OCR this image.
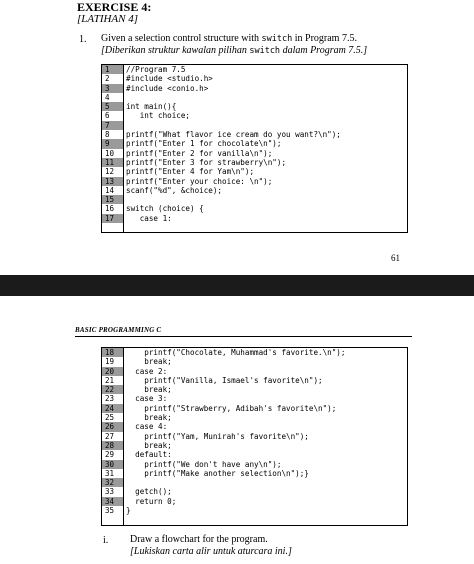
EXERCISE 4:
[LATIHAN 4]
1. Given a selection control structure with switch in Program 7.5.
[Diberikan struktur kawalan pilihan switch dalam Program 7.5.]
1
2
3
4
5
6
7
8
9
10
11
12
13
14
15
16
17
//Program 7.5
#include <studio.h>
#include <conio.h>
int main(){
int choice;
printf("What flavor ice cream do you want?\n");
printf("Enter 1 for chocolate\n");
printf("Enter 2 for vanilla\n");
printf("Enter 3 for strawberry\n");
printf("Enter 4 for Yam\n");
printf("Enter your choice: \n");
scanf("%d", &choice);
switch (choice) {
case 1:
61
BASIC PROGRAMMING C
18
19
20
21
22
23
24
25
26
27
28
29
30
31
32
33
34
35
printf("Chocolate, Muhammad's favorite.\n");
break;
case 2:
printf("Vanilla, Ismael's favorite\n");
break;
case 3:
printf("Strawberry, Adibah's favorite\n");
break;
case 4:
printf("Yam, Munirah's favorite\n");
break;
default:
printf("We don't have any\n");
printf("Make another selection\n");}
getch();
return 0;
}
i. Draw a flowchart for the program.
[Lukiskan carta alir untuk aturcara ini.]
